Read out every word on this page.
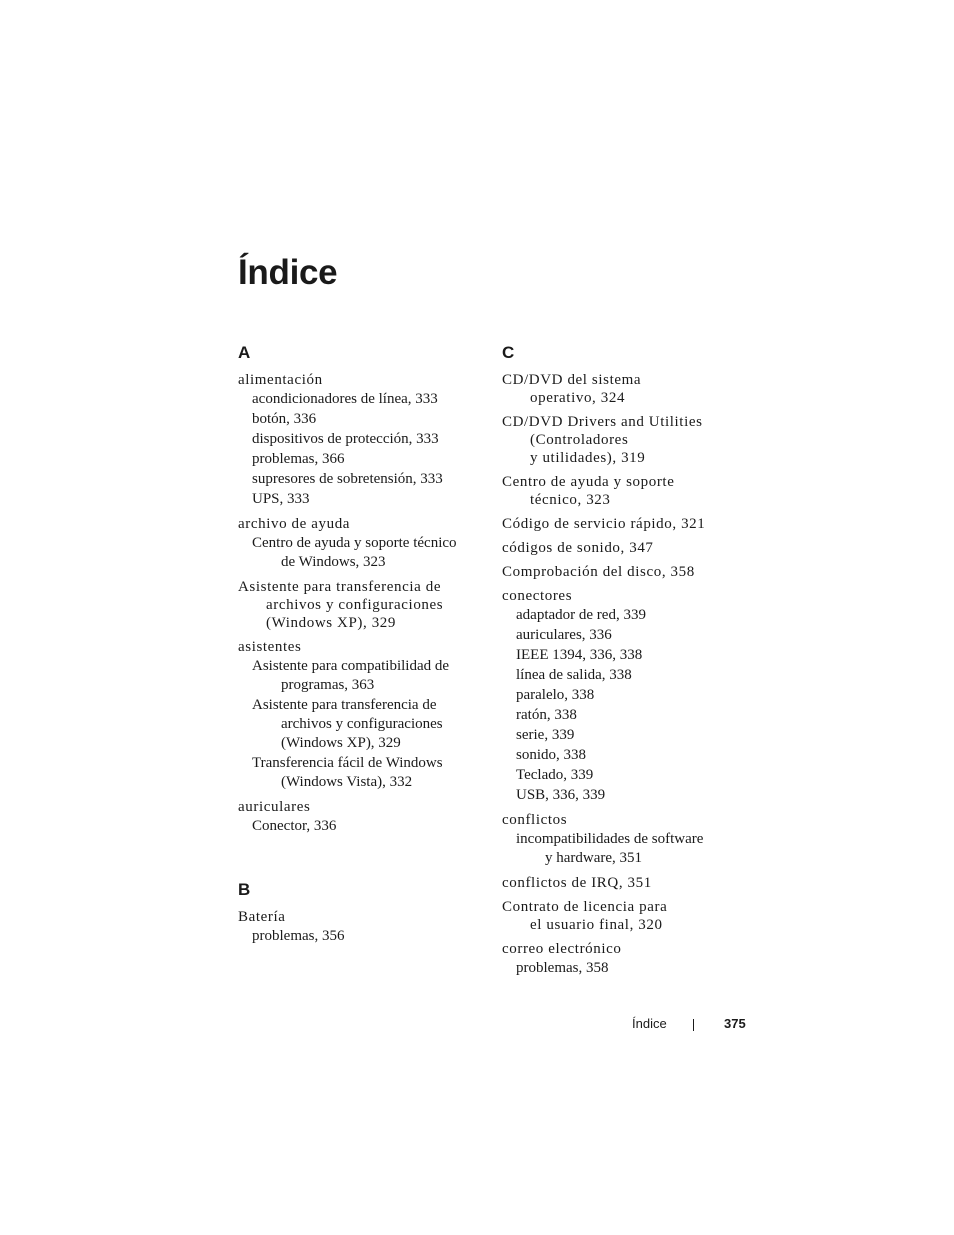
Índice
A
alimentación
acondicionadores de línea, 333
botón, 336
dispositivos de protección, 333
problemas, 366
supresores de sobretensión, 333
UPS, 333
archivo de ayuda
Centro de ayuda y soporte técnico
de Windows, 323
Asistente para transferencia de
archivos y configuraciones
(Windows XP), 329
asistentes
Asistente para compatibilidad de
programas, 363
Asistente para transferencia de
archivos y configuraciones
(Windows XP), 329
Transferencia fácil de Windows
(Windows Vista), 332
auriculares
Conector, 336
B
Batería
problemas, 356
C
CD/DVD del sistema
operativo, 324
CD/DVD Drivers and Utilities
(Controladores
y utilidades), 319
Centro de ayuda y soporte
técnico, 323
Código de servicio rápido, 321
códigos de sonido, 347
Comprobación del disco, 358
conectores
adaptador de red, 339
auriculares, 336
IEEE 1394, 336, 338
línea de salida, 338
paralelo, 338
ratón, 338
serie, 339
sonido, 338
Teclado, 339
USB, 336, 339
conflictos
incompatibilidades de software
y hardware, 351
conflictos de IRQ, 351
Contrato de licencia para
el usuario final, 320
correo electrónico
problemas, 358
Índice	375
